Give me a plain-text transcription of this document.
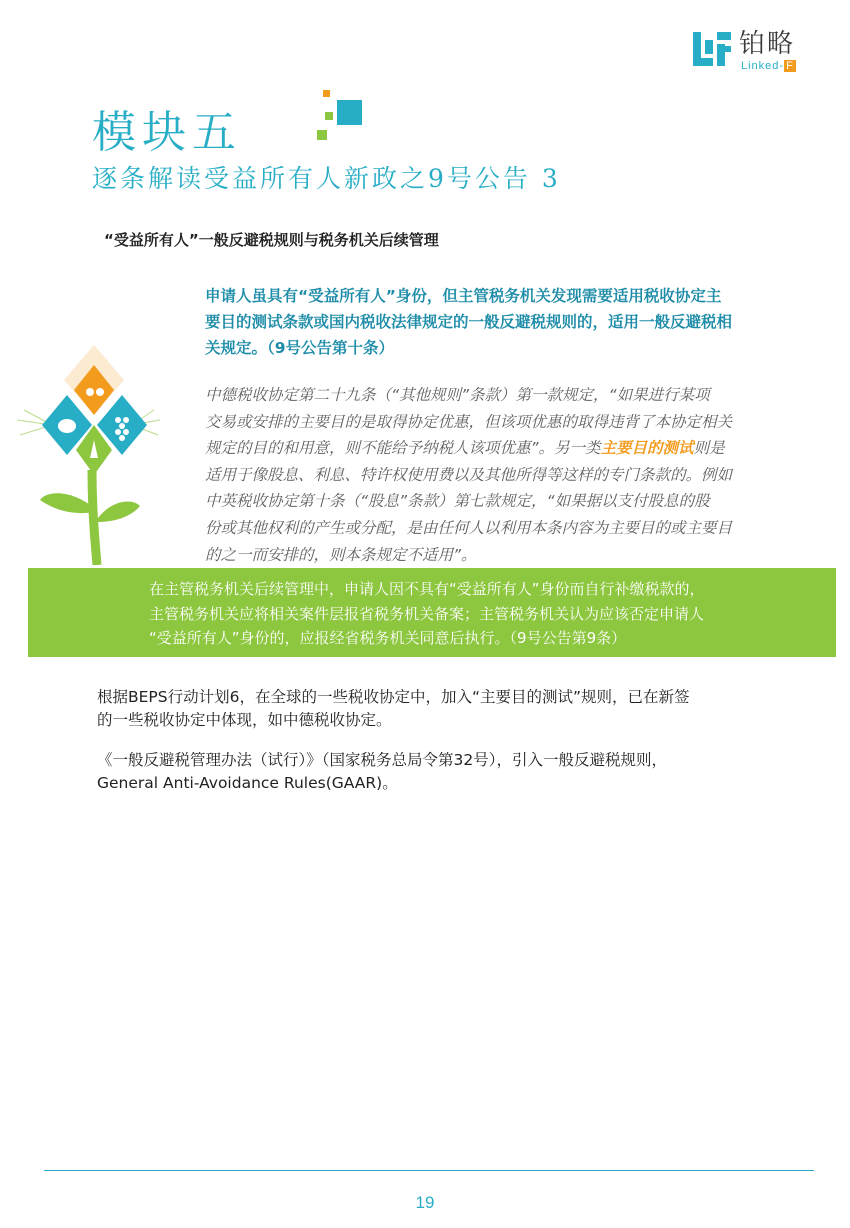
铂略
Linked- F
模块五
逐条解读受益所有人新政之9号公告 3
“受益所有人”一般反避税规则与税务机关后续管理
申请人虽具有“受益所有人”身份，但主管税务机关发现需要适用税收协定主
要目的测试条款或国内税收法律规定的一般反避税规则的，适用一般反避税相
关规定。（9号公告第十条）
中德税收协定第二十九条（“其他规则”条款）第一款规定，“如果进行某项
交易或安排的主要目的是取得协定优惠，但该项优惠的取得违背了本协定相关
规定的目的和用意，则不能给予纳税人该项优惠”。另一类主要目的测试则是
适用于像股息、利息、特许权使用费以及其他所得等这样的专门条款的。例如
中英税收协定第十条（“股息”条款）第七款规定，“如果据以支付股息的股
份或其他权利的产生或分配，是由任何人以利用本条内容为主要目的或主要目
的之一而安排的，则本条规定不适用”。
在主管税务机关后续管理中，申请人因不具有“受益所有人”身份而自行补缴税款的，
主管税务机关应将相关案件层报省税务机关备案；主管税务机关认为应该否定申请人
“受益所有人”身份的，应报经省税务机关同意后执行。（9号公告第9条）
根据BEPS行动计划6，在全球的一些税收协定中，加入“主要目的测试”规则，已在新签
的一些税收协定中体现，如中德税收协定。
《一般反避税管理办法（试行）》（国家税务总局令第32号），引入一般反避税规则，
General Anti-Avoidance Rules(GAAR)。
19
